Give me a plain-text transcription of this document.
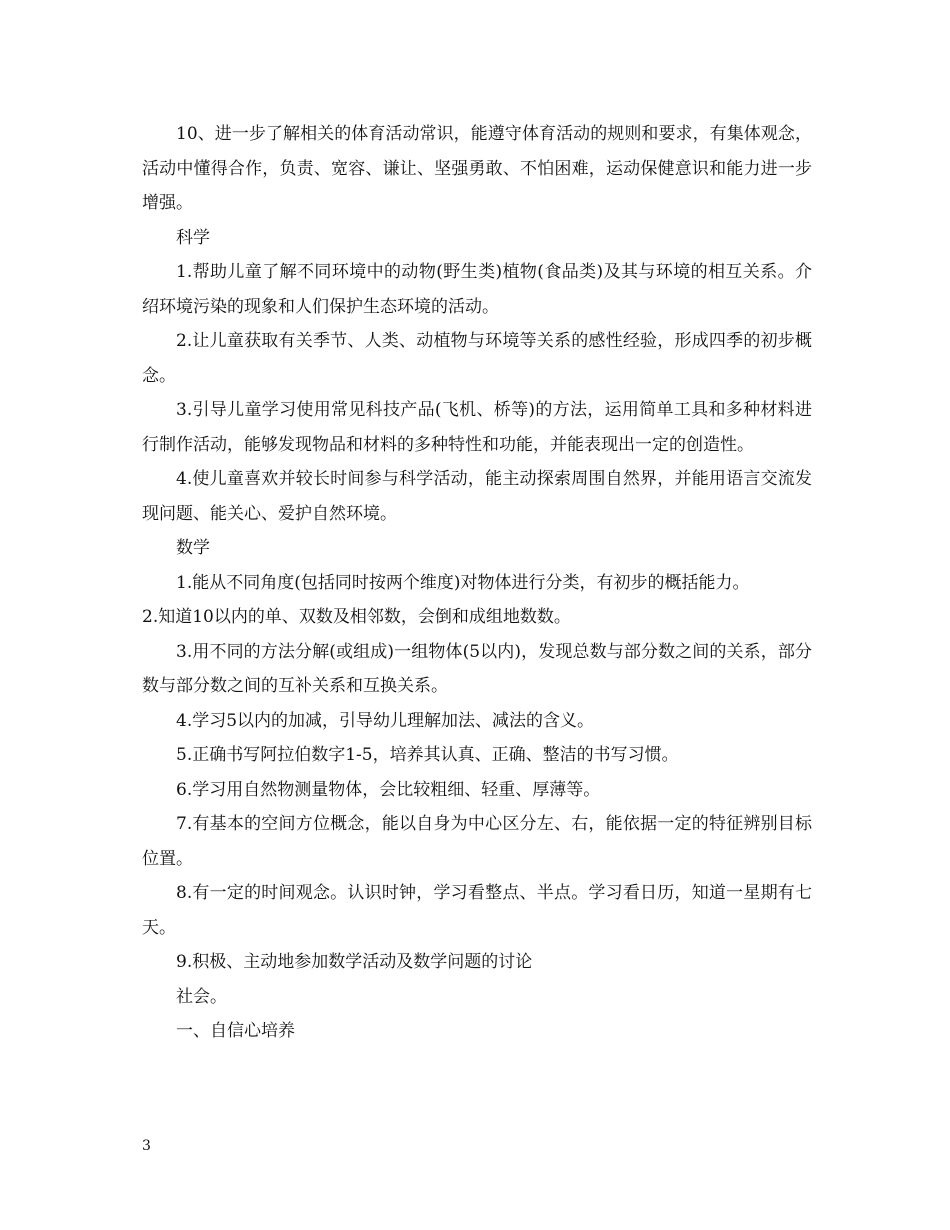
10、进一步了解相关的体育活动常识，能遵守体育活动的规则和要求，有集体观念，活动中懂得合作，负责、宽容、谦让、坚强勇敢、不怕困难，运动保健意识和能力进一步增强。

科学

1.帮助儿童了解不同环境中的动物(野生类)植物(食品类)及其与环境的相互关系。介绍环境污染的现象和人们保护生态环境的活动。

2.让儿童获取有关季节、人类、动植物与环境等关系的感性经验，形成四季的初步概念。

3.引导儿童学习使用常见科技产品(飞机、桥等)的方法，运用简单工具和多种材料进行制作活动，能够发现物品和材料的多种特性和功能，并能表现出一定的创造性。

4.使儿童喜欢并较长时间参与科学活动，能主动探索周围自然界，并能用语言交流发现问题、能关心、爱护自然环境。

数学

1.能从不同角度(包括同时按两个维度)对物体进行分类，有初步的概括能力。

2.知道10以内的单、双数及相邻数，会倒和成组地数数。

3.用不同的方法分解(或组成)一组物体(5以内)，发现总数与部分数之间的关系，部分数与部分数之间的互补关系和互换关系。

4.学习5以内的加减，引导幼儿理解加法、减法的含义。

5.正确书写阿拉伯数字1-5，培养其认真、正确、整洁的书写习惯。

6.学习用自然物测量物体，会比较粗细、轻重、厚薄等。

7.有基本的空间方位概念，能以自身为中心区分左、右，能依据一定的特征辨别目标位置。

8.有一定的时间观念。认识时钟，学习看整点、半点。学习看日历，知道一星期有七天。

9.积极、主动地参加数学活动及数学问题的讨论

社会。

一、自信心培养

3
